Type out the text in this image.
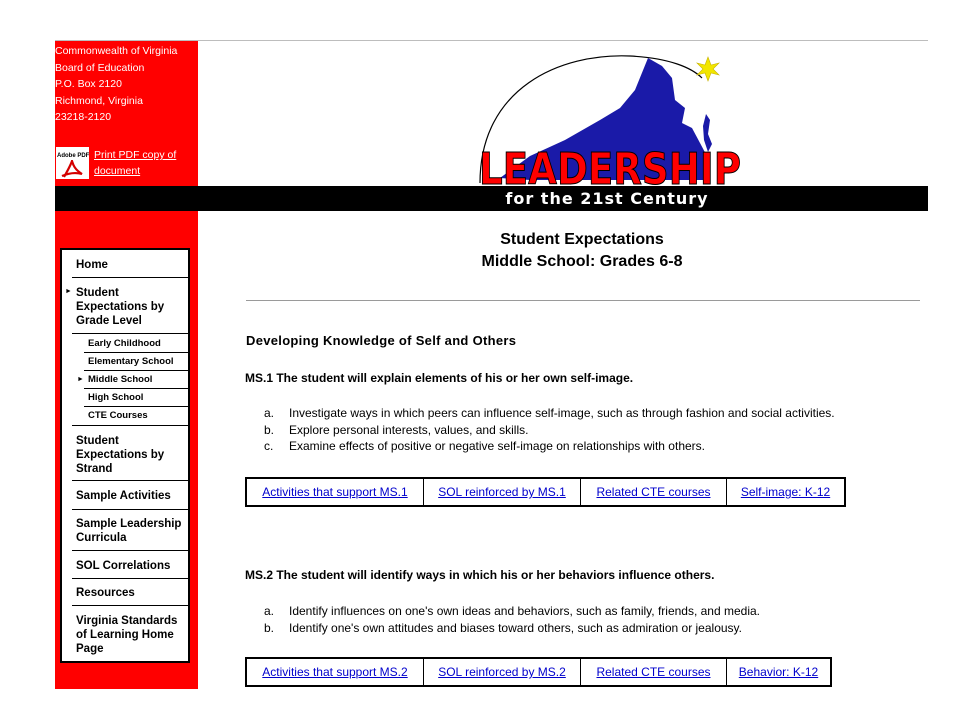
Commonwealth of Virginia
Board of Education
P.O. Box 2120
Richmond, Virginia
23218-2120
Adobe PDF Print PDF copy of
document	LEADERSHIP
for the 21st Century
Home
► Student
Expectations by
Grade Level
Early Childhood
Elementary School
► Middle School
High School
CTE Courses
Student
Expectations by
Strand
Sample Activities
Sample Leadership
Curricula
SOL Correlations
Resources
Virginia Standards
of Learning Home
Page
Student Expectations
Middle School: Grades 6-8
Developing Knowledge of Self and Others
MS.1 The student will explain elements of his or her own self-image.
a. Investigate ways in which peers can influence self-image, such as through fashion and social activities.
b. Explore personal interests, values, and skills.
c. Examine effects of positive or negative self-image on relationships with others.
Activities that support MS.1	SOL reinforced by MS.1	Related CTE courses	Self-image: K-12
MS.2 The student will identify ways in which his or her behaviors influence others.
a. Identify influences on one's own ideas and behaviors, such as family, friends, and media.
b. Identify one's own attitudes and biases toward others, such as admiration or jealousy.
Activities that support MS.2	SOL reinforced by MS.2	Related CTE courses	Behavior: K-12
